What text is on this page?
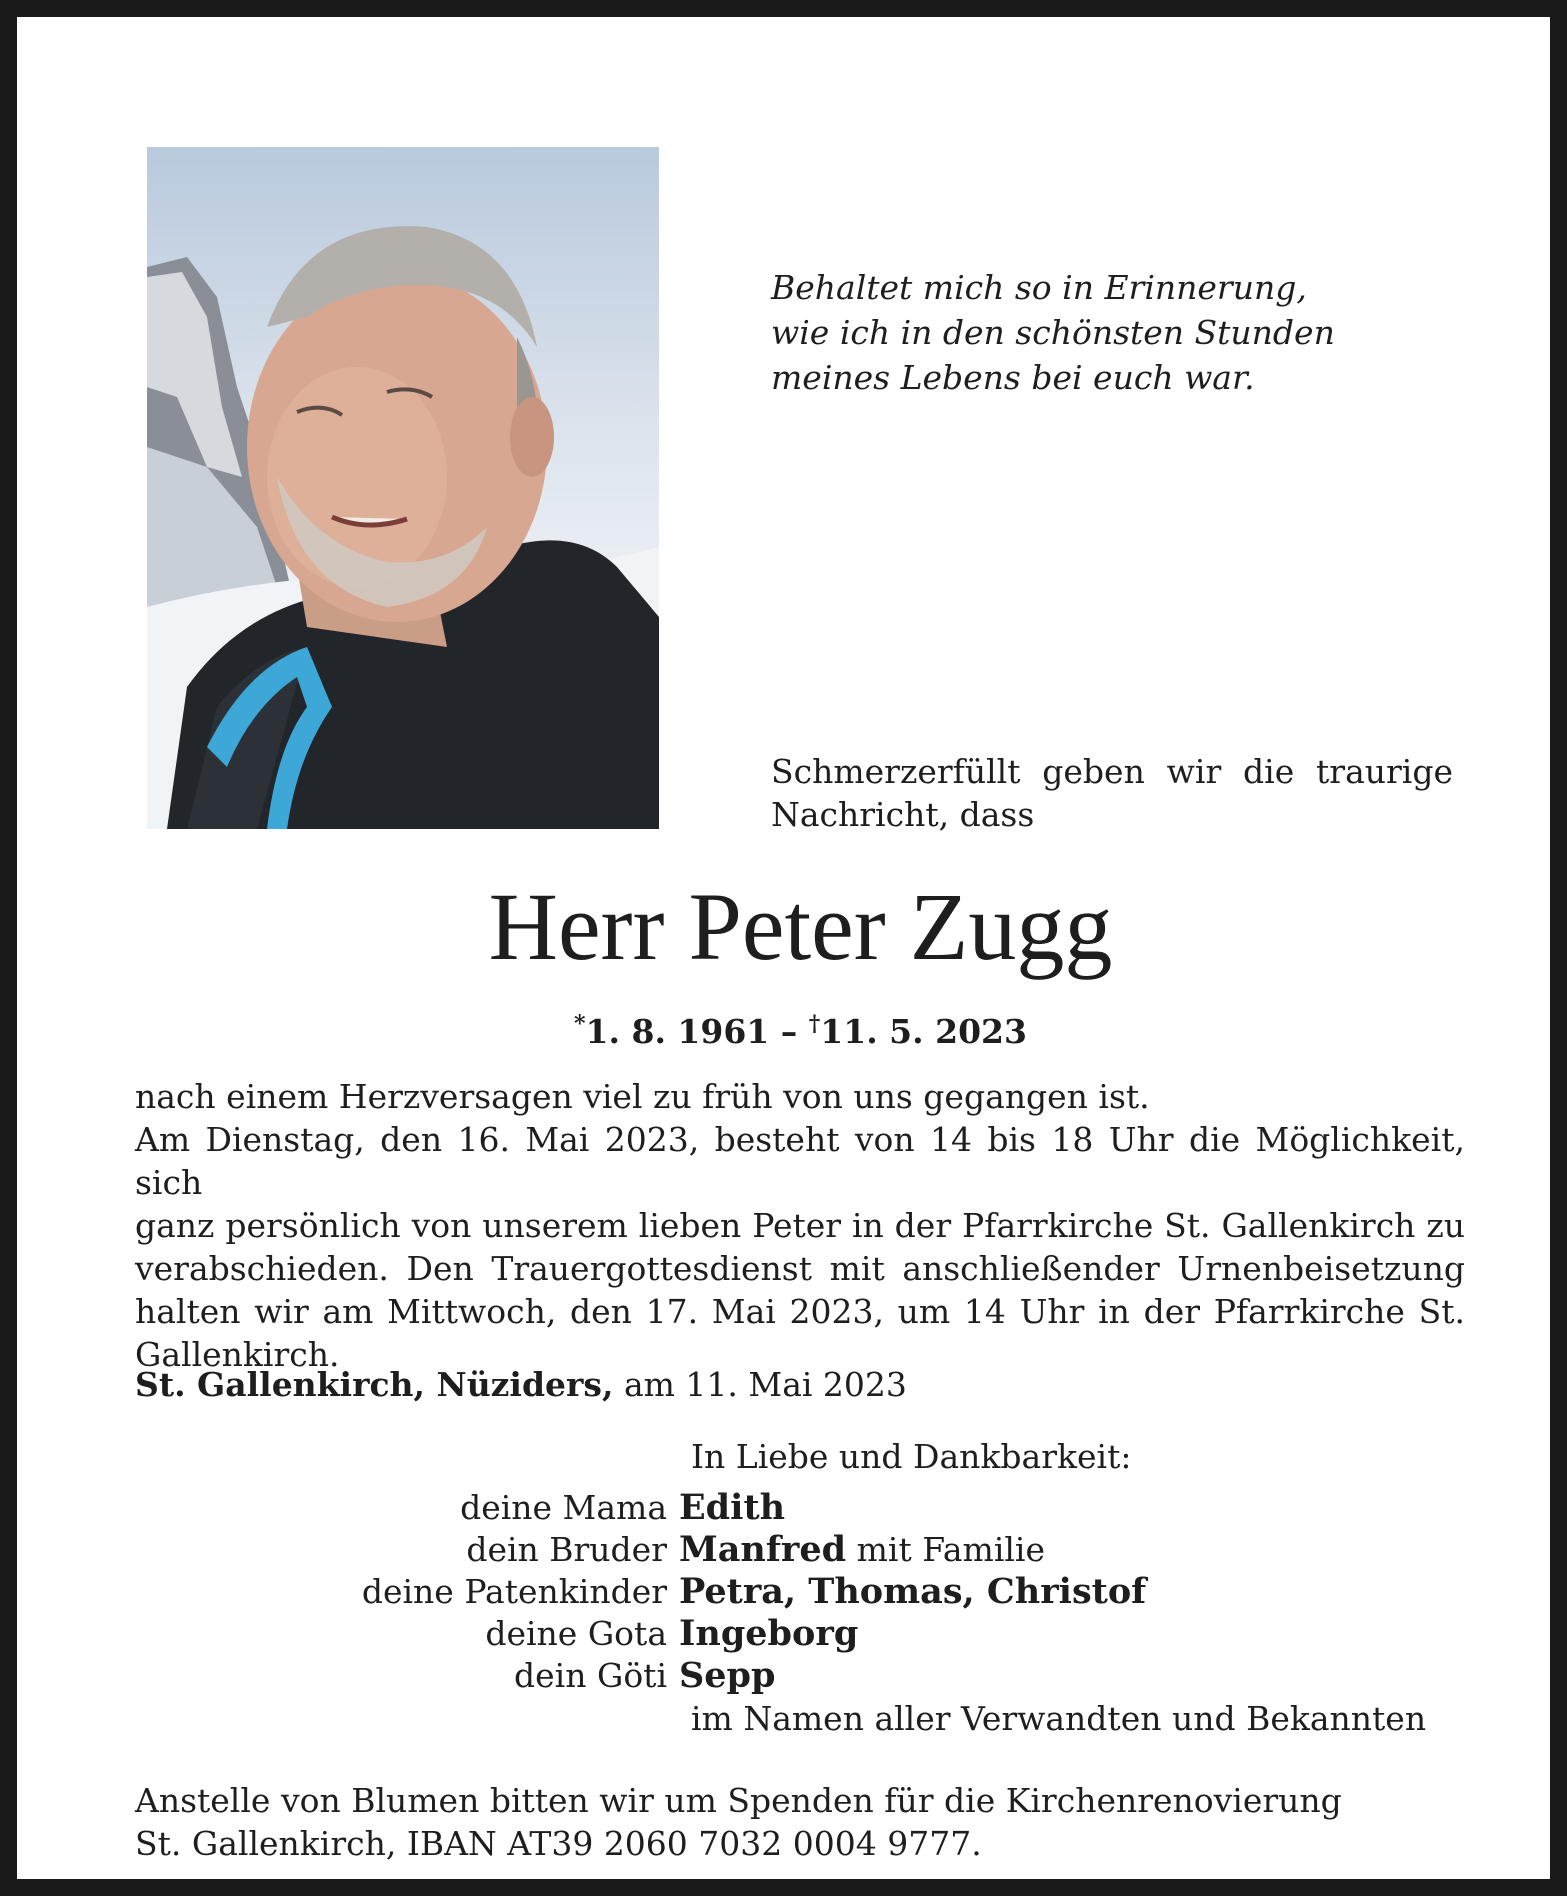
Behaltet mich so in Erinnerung,
wie ich in den schönsten Stunden
meines Lebens bei euch war.
Schmerzerfüllt geben wir die traurige
Nachricht, dass
Herr Peter Zugg
*1. 8. 1961 – †11. 5. 2023
nach einem Herzversagen viel zu früh von uns gegangen ist.
Am Dienstag, den 16. Mai 2023, besteht von 14 bis 18 Uhr die Möglichkeit, sich
ganz persönlich von unserem lieben Peter in der Pfarrkirche St. Gallenkirch zu
verabschieden. Den Trauergottesdienst mit anschließender Urnenbeisetzung
halten wir am Mittwoch, den 17. Mai 2023, um 14 Uhr in der Pfarrkirche St.
Gallenkirch.
St. Gallenkirch, Nüziders, am 11. Mai 2023
In Liebe und Dankbarkeit:
deine Mama Edith
dein Bruder Manfred mit Familie
deine Patenkinder Petra, Thomas, Christof
deine Gota Ingeborg
dein Göti Sepp
im Namen aller Verwandten und Bekannten
Anstelle von Blumen bitten wir um Spenden für die Kirchenrenovierung
St. Gallenkirch, IBAN AT39 2060 7032 0004 9777.
